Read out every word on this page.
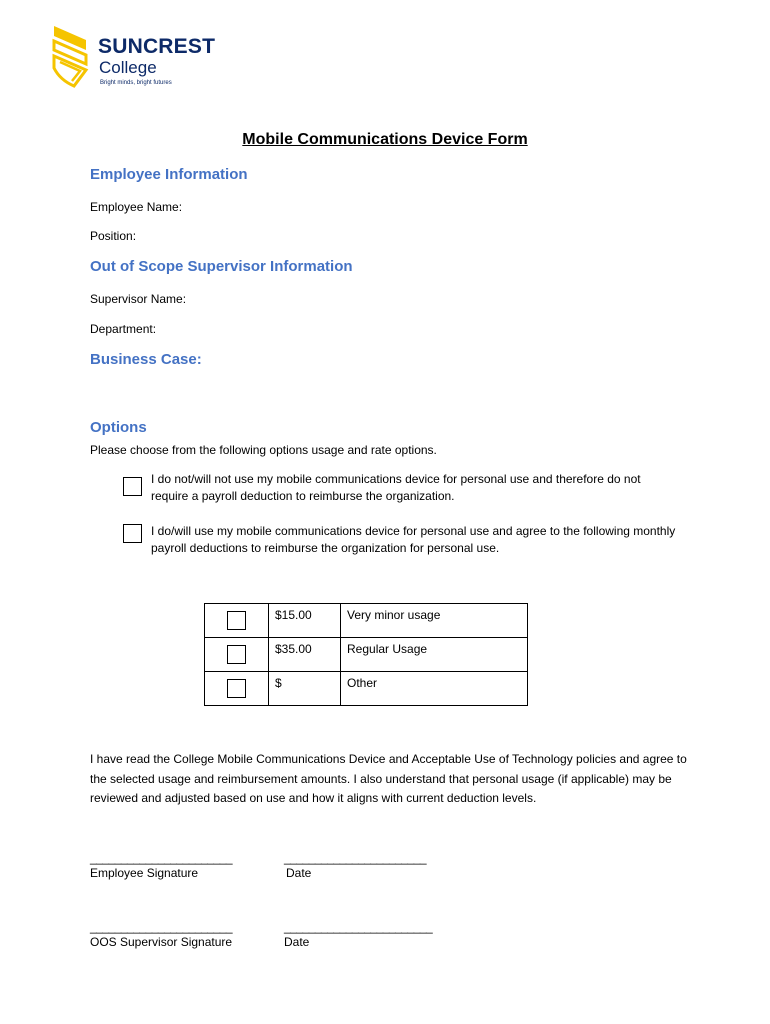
SUNCREST
College
Bright minds, bright futures
Mobile Communications Device Form
Employee Information
Employee Name:
Position:
Out of Scope Supervisor Information
Supervisor Name:
Department:
Business Case:
Options
Please choose from the following options usage and rate options.
I do not/will not use my mobile communications device for personal use and therefore do not require a payroll deduction to reimburse the organization.
I do/will use my mobile communications device for personal use and agree to the following monthly payroll deductions to reimburse the organization for personal use.
	$15.00	Very minor usage
	$35.00	Regular Usage
	$	Other
I have read the College Mobile Communications Device and Acceptable Use of Technology policies and agree to the selected usage and reimbursement amounts. I also understand that personal usage (if applicable) may be reviewed and adjusted based on use and how it aligns with current deduction levels.
_______________________	_______________________
Employee Signature	Date
_______________________	________________________
OOS Supervisor Signature	Date
